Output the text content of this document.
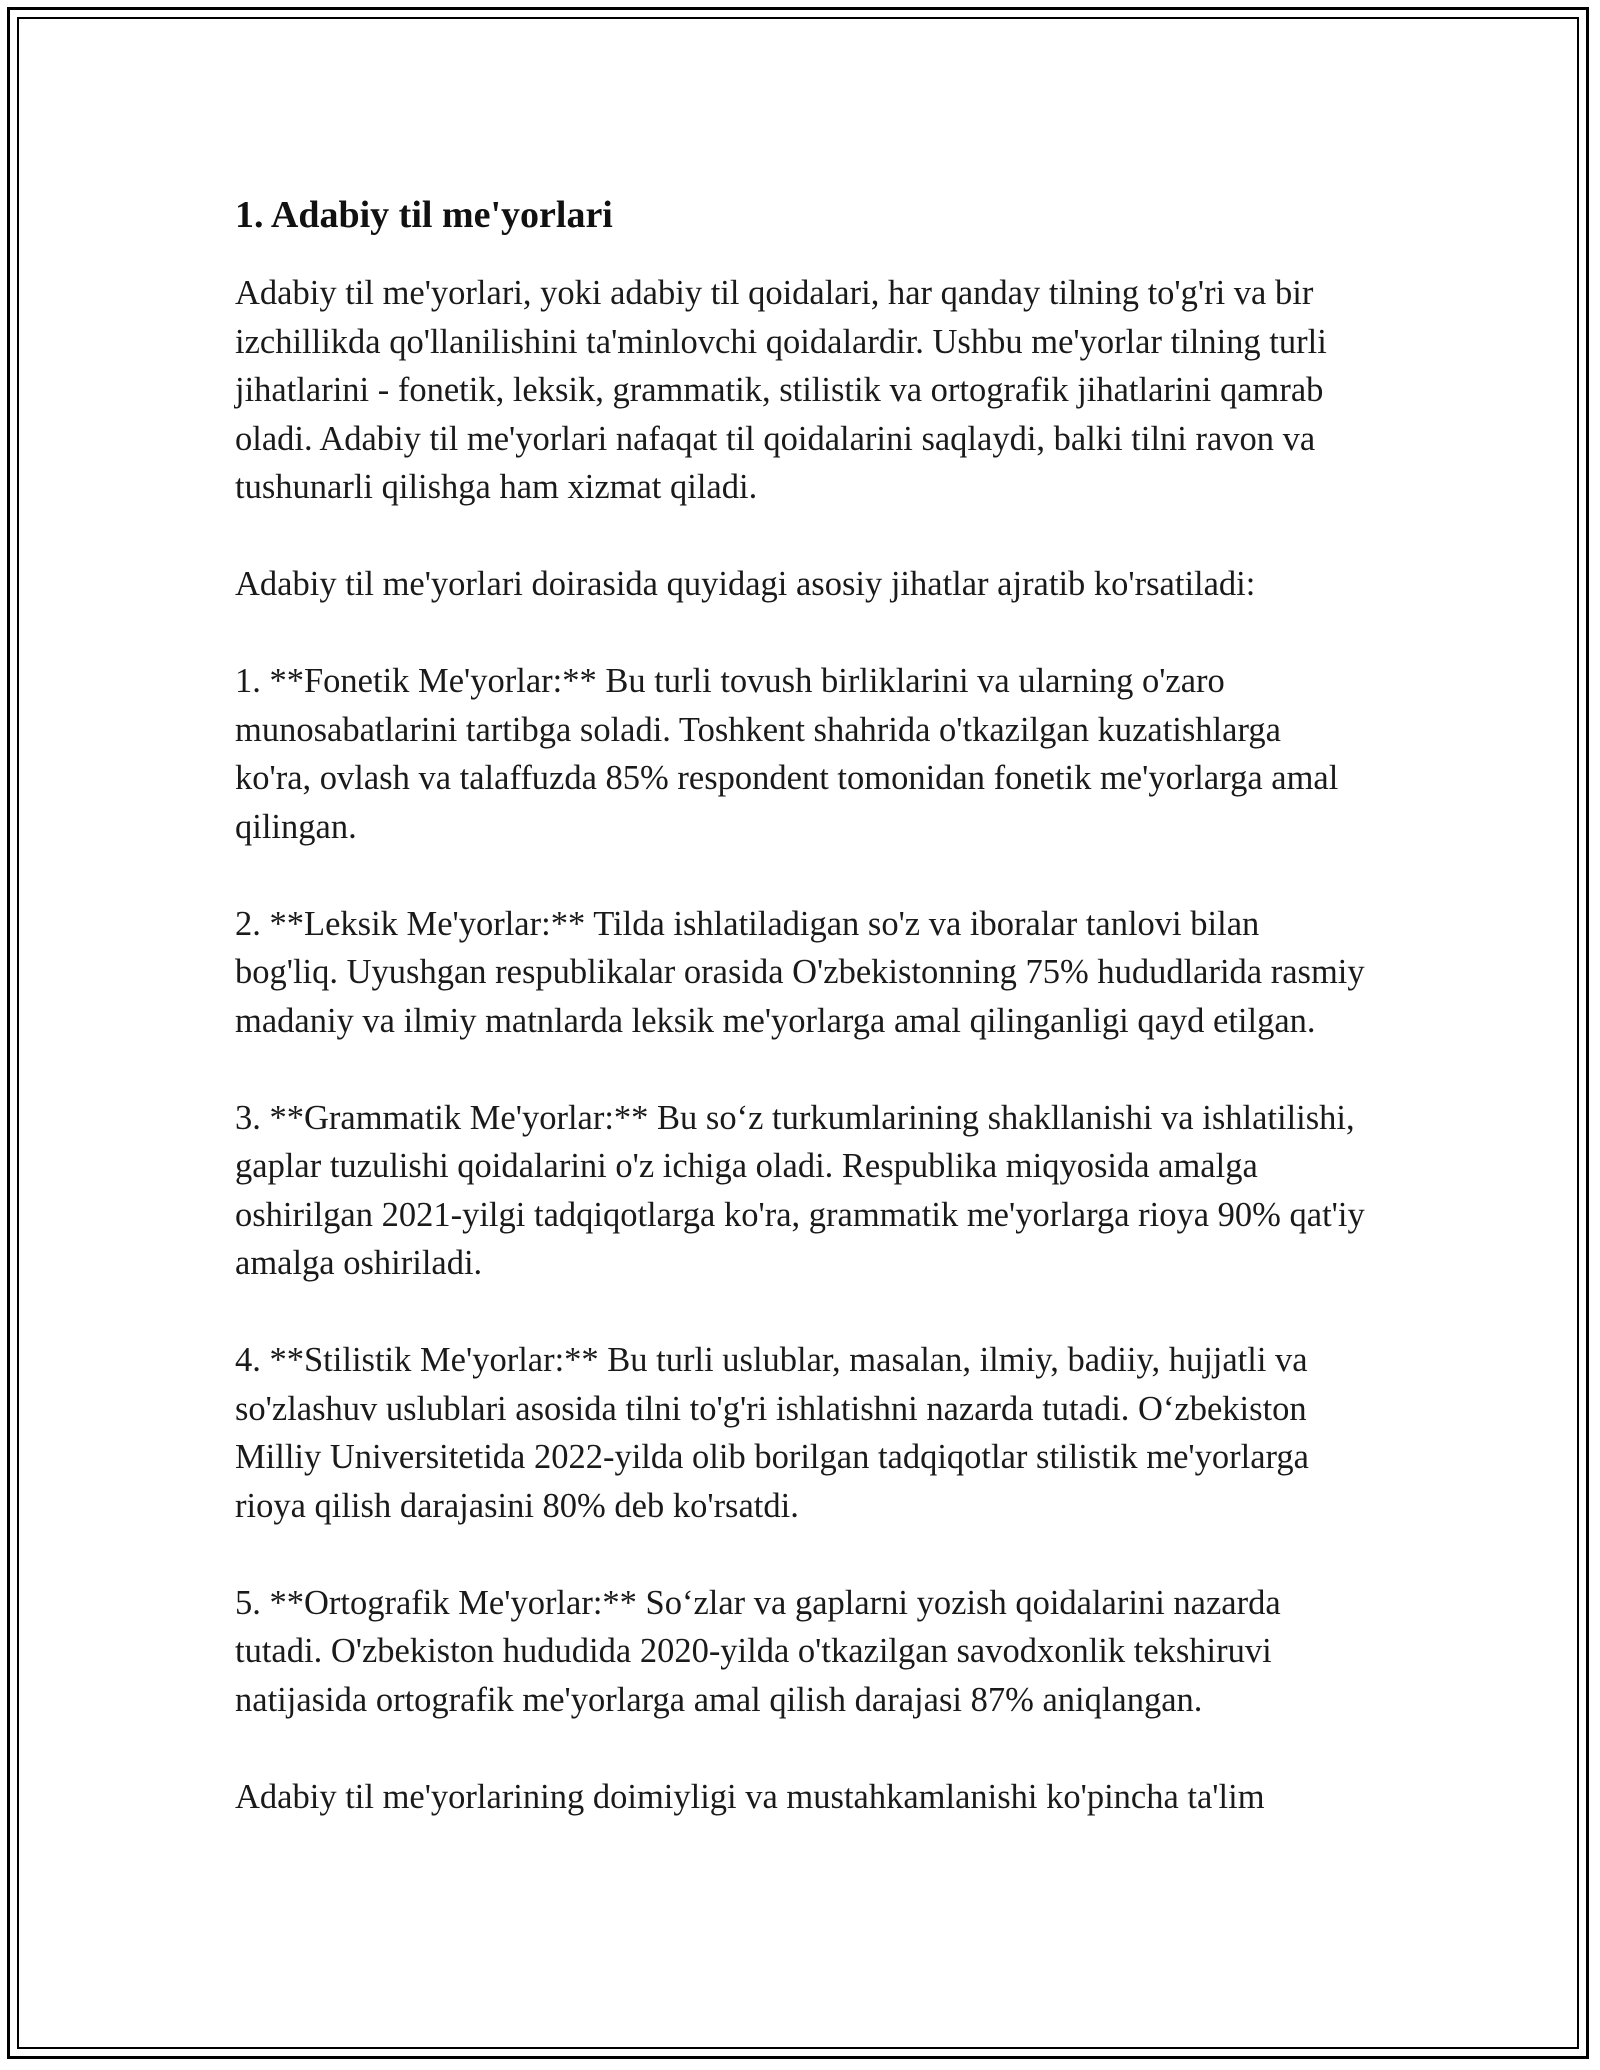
1. Adabiy til me'yorlari

Adabiy til me'yorlari, yoki adabiy til qoidalari, har qanday tilning to'g'ri va bir izchillikda qo'llanilishini ta'minlovchi qoidalardir. Ushbu me'yorlar tilning turli jihatlarini - fonetik, leksik, grammatik, stilistik va ortografik jihatlarini qamrab oladi. Adabiy til me'yorlari nafaqat til qoidalarini saqlaydi, balki tilni ravon va tushunarli qilishga ham xizmat qiladi.

Adabiy til me'yorlari doirasida quyidagi asosiy jihatlar ajratib ko'rsatiladi:

1. **Fonetik Me'yorlar:** Bu turli tovush birliklarini va ularning o'zaro munosabatlarini tartibga soladi. Toshkent shahrida o'tkazilgan kuzatishlarga ko'ra, ovlash va talaffuzda 85% respondent tomonidan fonetik me'yorlarga amal qilingan.

2. **Leksik Me'yorlar:** Tilda ishlatiladigan so'z va iboralar tanlovi bilan bog'liq. Uyushgan respublikalar orasida O'zbekistonning 75% hududlarida rasmiy madaniy va ilmiy matnlarda leksik me'yorlarga amal qilinganligi qayd etilgan.

3. **Grammatik Me'yorlar:** Bu so‘z turkumlarining shakllanishi va ishlatilishi, gaplar tuzulishi qoidalarini o'z ichiga oladi. Respublika miqyosida amalga oshirilgan 2021-yilgi tadqiqotlarga ko'ra, grammatik me'yorlarga rioya 90% qat'iy amalga oshiriladi.

4. **Stilistik Me'yorlar:** Bu turli uslublar, masalan, ilmiy, badiiy, hujjatli va so'zlashuv uslublari asosida tilni to'g'ri ishlatishni nazarda tutadi. O‘zbekiston Milliy Universitetida 2022-yilda olib borilgan tadqiqotlar stilistik me'yorlarga rioya qilish darajasini 80% deb ko'rsatdi.

5. **Ortografik Me'yorlar:** So‘zlar va gaplarni yozish qoidalarini nazarda tutadi. O'zbekiston hududida 2020-yilda o'tkazilgan savodxonlik tekshiruvi natijasida ortografik me'yorlarga amal qilish darajasi 87% aniqlangan.

Adabiy til me'yorlarining doimiyligi va mustahkamlanishi ko'pincha ta'lim
